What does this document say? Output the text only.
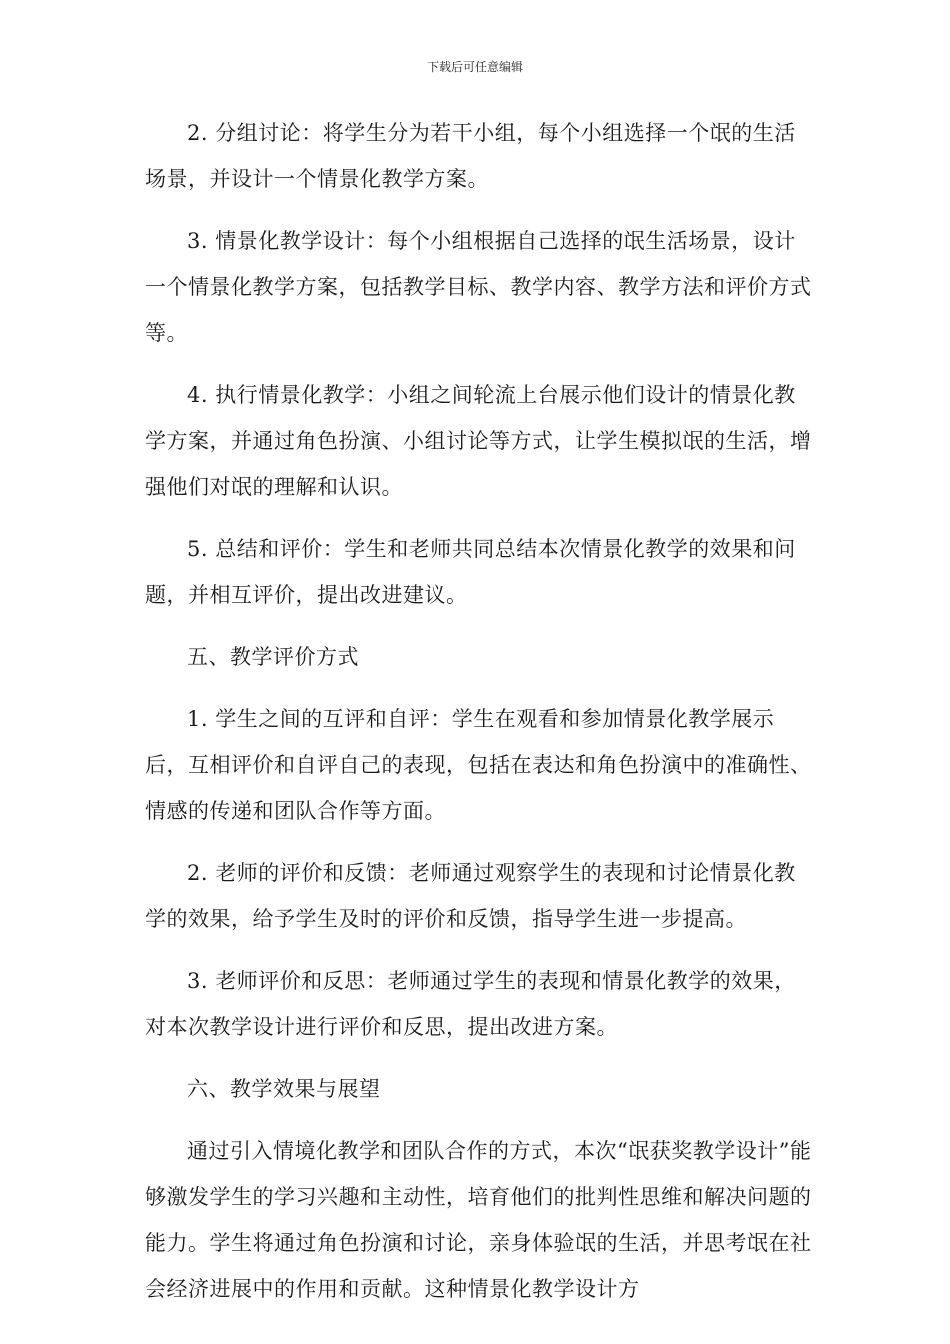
下载后可任意编辑

2. 分组讨论：将学生分为若干小组，每个小组选择一个氓的生活场景，并设计一个情景化教学方案。

3. 情景化教学设计：每个小组根据自己选择的氓生活场景，设计一个情景化教学方案，包括教学目标、教学内容、教学方法和评价方式等。

4. 执行情景化教学：小组之间轮流上台展示他们设计的情景化教学方案，并通过角色扮演、小组讨论等方式，让学生模拟氓的生活，增强他们对氓的理解和认识。

5. 总结和评价：学生和老师共同总结本次情景化教学的效果和问题，并相互评价，提出改进建议。

五、教学评价方式

1. 学生之间的互评和自评：学生在观看和参加情景化教学展示后，互相评价和自评自己的表现，包括在表达和角色扮演中的准确性、情感的传递和团队合作等方面。

2. 老师的评价和反馈：老师通过观察学生的表现和讨论情景化教学的效果，给予学生及时的评价和反馈，指导学生进一步提高。

3. 老师评价和反思：老师通过学生的表现和情景化教学的效果，对本次教学设计进行评价和反思，提出改进方案。

六、教学效果与展望

通过引入情境化教学和团队合作的方式，本次“氓获奖教学设计”能够激发学生的学习兴趣和主动性，培育他们的批判性思维和解决问题的能力。学生将通过角色扮演和讨论，亲身体验氓的生活，并思考氓在社会经济进展中的作用和贡献。这种情景化教学设计方
